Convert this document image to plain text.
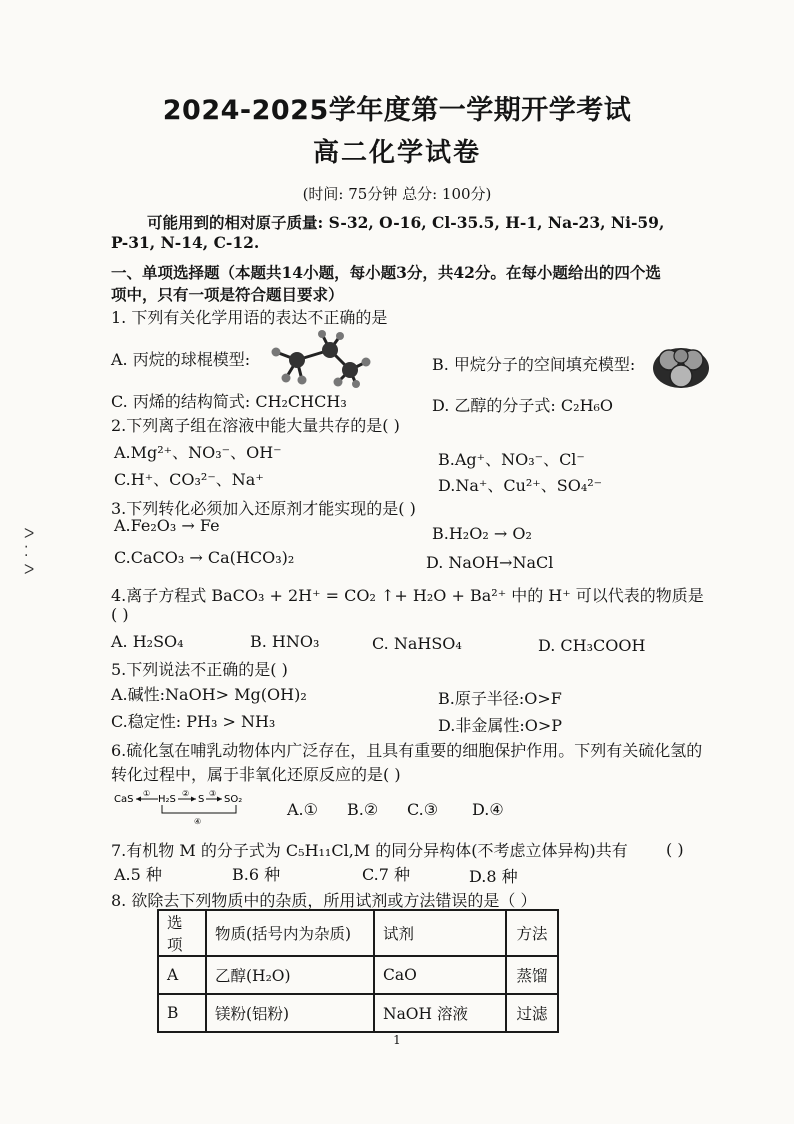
2024-2025学年度第一学期开学考试
高二化学试卷
(时间: 75分钟 总分: 100分)
可能用到的相对原子质量: S-32, O-16, Cl-35.5, H-1, Na-23, Ni-59,
P-31, N-14, C-12.
一、单项选择题（本题共14小题，每小题3分，共42分。在每小题给出的四个选
项中，只有一项是符合题目要求）
1. 下列有关化学用语的表达不正确的是
A. 丙烷的球棍模型:	B. 甲烷分子的空间填充模型:
C. 丙烯的结构简式: CH₂CHCH₃	D. 乙醇的分子式: C₂H₆O
2.下列离子组在溶液中能大量共存的是( )
A.Mg²⁺、NO₃⁻、OH⁻	B.Ag⁺、NO₃⁻、Cl⁻
C.H⁺、CO₃²⁻、Na⁺	D.Na⁺、Cu²⁺、SO₄²⁻
3.下列转化必须加入还原剂才能实现的是( )
A.Fe₂O₃ → Fe	B.H₂O₂ → O₂
C.CaCO₃ → Ca(HCO₃)₂	D. NaOH→NaCl
ᐳ
⁚
ᐳ
4.离子方程式 BaCO₃ + 2H⁺ = CO₂ ↑+ H₂O + Ba²⁺ 中的 H⁺ 可以代表的物质是
( )
A. H₂SO₄	B. HNO₃	C. NaHSO₄	D. CH₃COOH
5.下列说法不正确的是( )
A.碱性:NaOH> Mg(OH)₂	B.原子半径:O>F
C.稳定性: PH₃ > NH₃	D.非金属性:O>P
6.硫化氢在哺乳动物体内广泛存在，且具有重要的细胞保护作用。下列有关硫化氢的
转化过程中，属于非氧化还原反应的是( )
CaS
①
H₂S
②
S
③
SO₂
④
A.① B.② C.③ D.④
7.有机物 M 的分子式为 C₅H₁₁Cl,M 的同分异构体(不考虑立体异构)共有 ( )
A.5 种	B.6 种	C.7 种	D.8 种
8. 欲除去下列物质中的杂质，所用试剂或方法错误的是（ ）
选项	物质(括号内为杂质)	试剂	方法
A	乙醇(H₂O)	CaO	蒸馏
B	镁粉(铝粉)	NaOH 溶液	过滤
1
